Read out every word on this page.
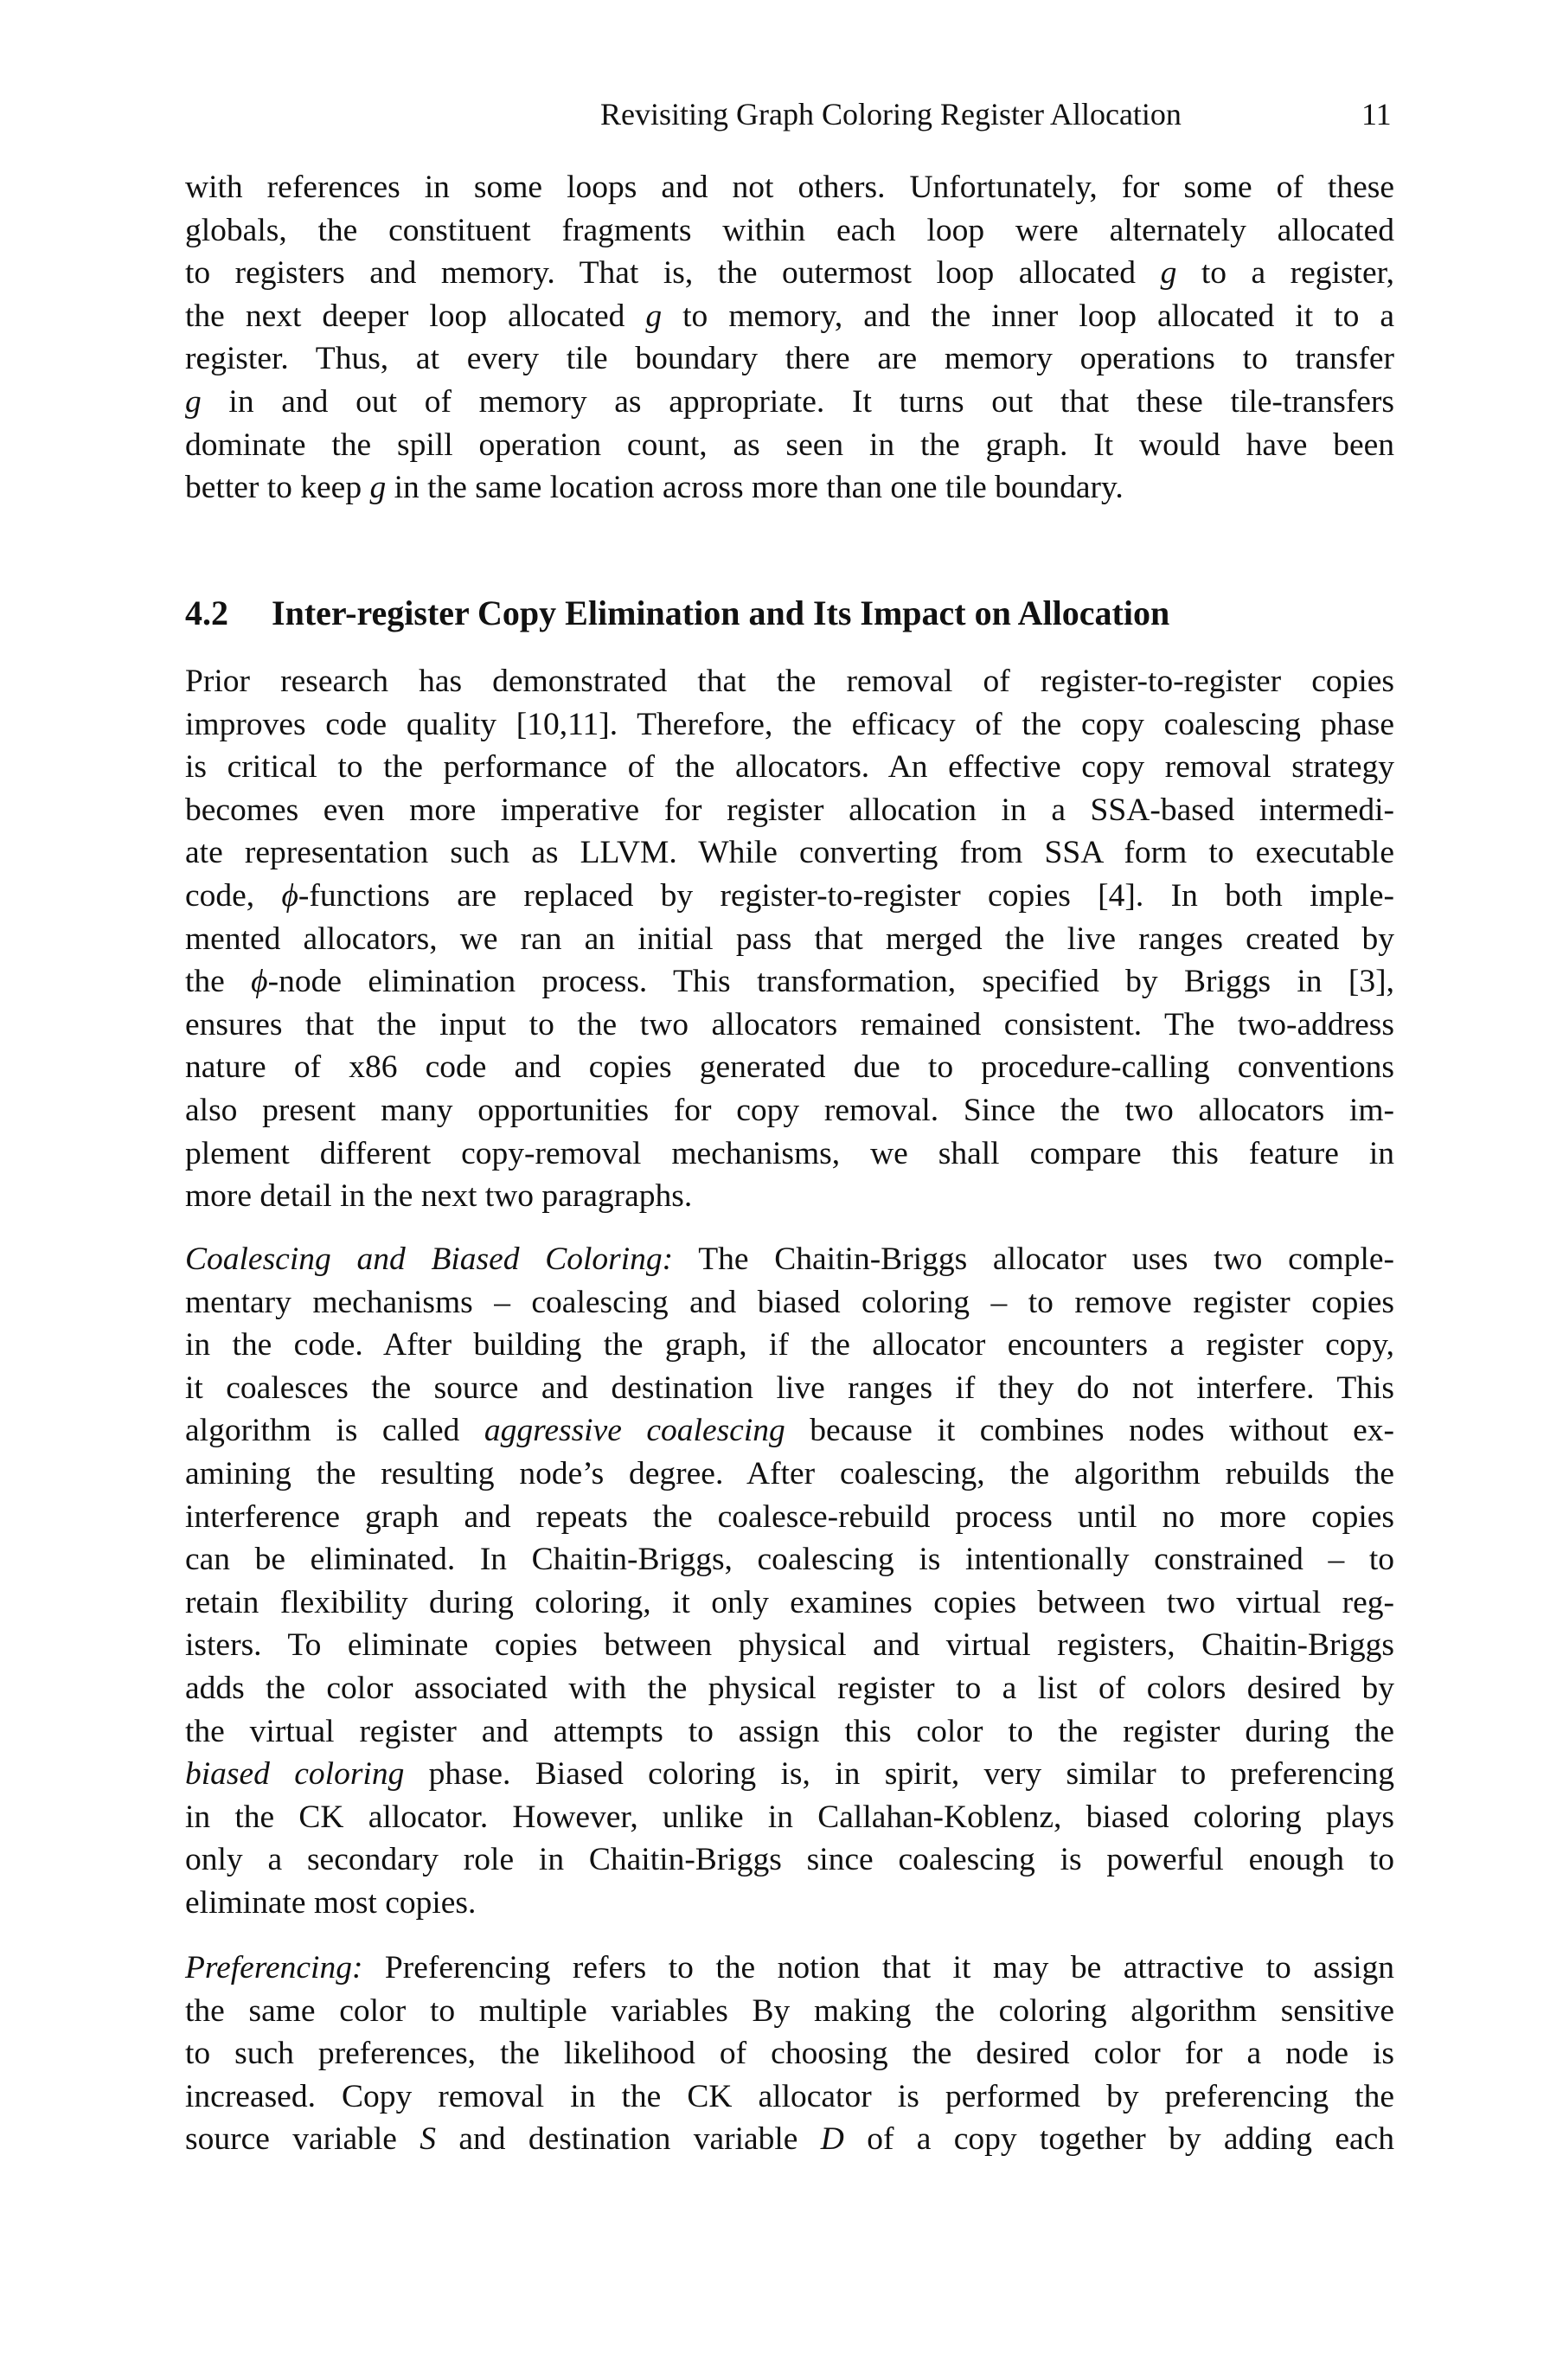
Revisiting Graph Coloring Register Allocation	11
with references in some loops and not others. Unfortunately, for some of these
globals, the constituent fragments within each loop were alternately allocated
to registers and memory. That is, the outermost loop allocated g to a register,
the next deeper loop allocated g to memory, and the inner loop allocated it to a
register. Thus, at every tile boundary there are memory operations to transfer
g in and out of memory as appropriate. It turns out that these tile-transfers
dominate the spill operation count, as seen in the graph. It would have been
better to keep g in the same location across more than one tile boundary.
4.2 Inter-register Copy Elimination and Its Impact on Allocation
Prior research has demonstrated that the removal of register-to-register copies
improves code quality [10,11]. Therefore, the efficacy of the copy coalescing phase
is critical to the performance of the allocators. An effective copy removal strategy
becomes even more imperative for register allocation in a SSA-based intermedi-
ate representation such as LLVM. While converting from SSA form to executable
code, ϕ-functions are replaced by register-to-register copies [4]. In both imple-
mented allocators, we ran an initial pass that merged the live ranges created by
the ϕ-node elimination process. This transformation, specified by Briggs in [3],
ensures that the input to the two allocators remained consistent. The two-address
nature of x86 code and copies generated due to procedure-calling conventions
also present many opportunities for copy removal. Since the two allocators im-
plement different copy-removal mechanisms, we shall compare this feature in
more detail in the next two paragraphs.
Coalescing and Biased Coloring: The Chaitin-Briggs allocator uses two comple-
mentary mechanisms – coalescing and biased coloring – to remove register copies
in the code. After building the graph, if the allocator encounters a register copy,
it coalesces the source and destination live ranges if they do not interfere. This
algorithm is called aggressive coalescing because it combines nodes without ex-
amining the resulting node’s degree. After coalescing, the algorithm rebuilds the
interference graph and repeats the coalesce-rebuild process until no more copies
can be eliminated. In Chaitin-Briggs, coalescing is intentionally constrained – to
retain flexibility during coloring, it only examines copies between two virtual reg-
isters. To eliminate copies between physical and virtual registers, Chaitin-Briggs
adds the color associated with the physical register to a list of colors desired by
the virtual register and attempts to assign this color to the register during the
biased coloring phase. Biased coloring is, in spirit, very similar to preferencing
in the CK allocator. However, unlike in Callahan-Koblenz, biased coloring plays
only a secondary role in Chaitin-Briggs since coalescing is powerful enough to
eliminate most copies.
Preferencing: Preferencing refers to the notion that it may be attractive to assign
the same color to multiple variables By making the coloring algorithm sensitive
to such preferences, the likelihood of choosing the desired color for a node is
increased. Copy removal in the CK allocator is performed by preferencing the
source variable S and destination variable D of a copy together by adding each
